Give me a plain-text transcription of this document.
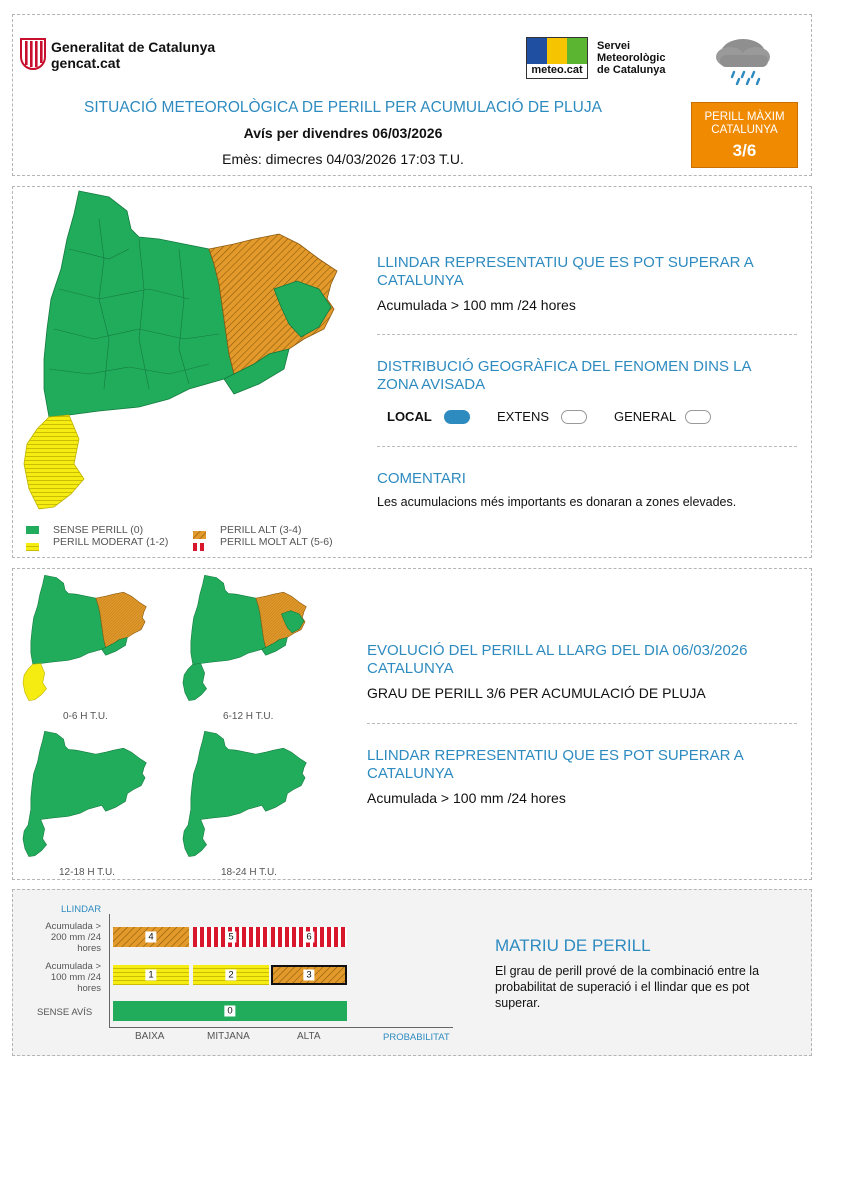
Generalitat de Catalunya
gencat.cat	meteo.cat
Servei
Meteorològic
de Catalunya
SITUACIÓ METEOROLÒGICA DE PERILL PER ACUMULACIÓ DE PLUJA
Avís per divendres 06/03/2026
Emès: dimecres 04/03/2026 17:03 T.U.
PERILL MÀXIM
CATALUNYA
3/6
SENSE PERILL (0)
PERILL MODERAT (1-2)
PERILL ALT (3-4)
PERILL MOLT ALT (5-6)
LLINDAR REPRESENTATIU QUE ES POT SUPERAR A CATALUNYA
Acumulada > 100 mm /24 hores
DISTRIBUCIÓ GEOGRÀFICA DEL FENOMEN DINS LA ZONA AVISADA
LOCAL	EXTENS	GENERAL
COMENTARI
Les acumulacions més importants es donaran a zones elevades.
0-6 H T.U.	6-12 H T.U.
12-18 H T.U.	18-24 H T.U.
EVOLUCIÓ DEL PERILL AL LLARG DEL DIA 06/03/2026 CATALUNYA
GRAU DE PERILL 3/6 PER ACUMULACIÓ DE PLUJA
LLINDAR REPRESENTATIU QUE ES POT SUPERAR A CATALUNYA
Acumulada > 100 mm /24 hores
LLINDAR
Acumulada > 200 mm /24 hores
Acumulada > 100 mm /24 hores
SENSE AVÍS
4	5	6
1	2	3
0
BAIXA	MITJANA	ALTA	PROBABILITAT
MATRIU DE PERILL
El grau de perill prové de la combinació entre la probabilitat de superació i el llindar que es pot superar.
